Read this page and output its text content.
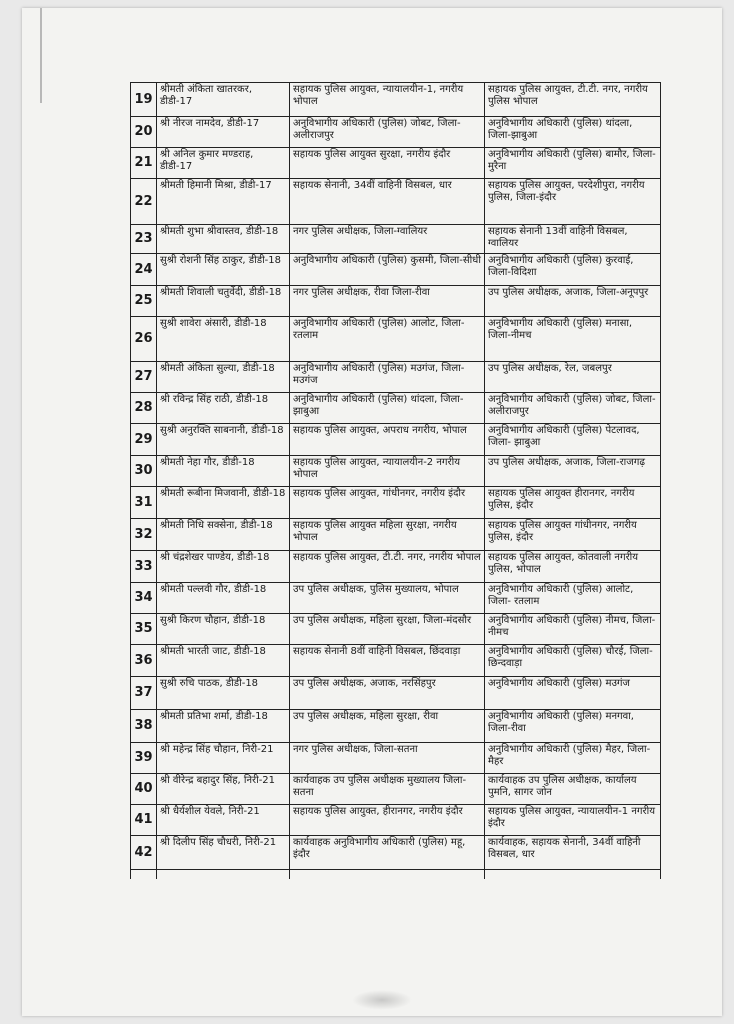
19	श्रीमती अंकिता खातरकर, डीडी-17	सहायक पुलिस आयुक्त, न्यायालयीन-1, नगरीय भोपाल	सहायक पुलिस आयुक्त, टी.टी. नगर, नगरीय पुलिस भोपाल
20	श्री नीरज नामदेव, डीडी-17	अनुविभागीय अधिकारी (पुलिस) जोबट, जिला-अलीराजपुर	अनुविभागीय अधिकारी (पुलिस) थांदला, जिला-झाबुआ
21	श्री अनिल कुमार मण्डराह, डीडी-17	सहायक पुलिस आयुक्त सुरक्षा, नगरीय इंदौर	अनुविभागीय अधिकारी (पुलिस) बामौर, जिला-मुरैना
22	श्रीमती हिमानी मिश्रा, डीडी-17	सहायक सेनानी, 34वीं वाहिनी विसबल, धार	सहायक पुलिस आयुक्त, परदेशीपुरा, नगरीय पुलिस, जिला-इंदौर
23	श्रीमती शुभा श्रीवास्तव, डीडी-18	नगर पुलिस अधीक्षक, जिला-ग्वालियर	सहायक सेनानी 13वीं वाहिनी विसबल, ग्वालियर
24	सुश्री रोशनी सिंह ठाकुर, डीडी-18	अनुविभागीय अधिकारी (पुलिस) कुसमी, जिला-सीधी	अनुविभागीय अधिकारी (पुलिस) कुरवाई, जिला-विदिशा
25	श्रीमती शिवाली चतुर्वेदी, डीडी-18	नगर पुलिस अधीक्षक, रीवा जिला-रीवा	उप पुलिस अधीक्षक, अजाक, जिला-अनूपपुर
26	सुश्री शावेरा अंसारी, डीडी-18	अनुविभागीय अधिकारी (पुलिस) आलोट, जिला- रतलाम	अनुविभागीय अधिकारी (पुलिस) मनासा, जिला-नीमच
27	श्रीमती अंकिता सुल्या, डीडी-18	अनुविभागीय अधिकारी (पुलिस) मउगंज, जिला-मउगंज	उप पुलिस अधीक्षक, रेल, जबलपुर
28	श्री रविन्द्र सिंह राठी, डीडी-18	अनुविभागीय अधिकारी (पुलिस) थांदला, जिला-झाबुआ	अनुविभागीय अधिकारी (पुलिस) जोबट, जिला-अलीराजपुर
29	सुश्री अनुरक्ति साबनानी, डीडी-18	सहायक पुलिस आयुक्त, अपराध नगरीय, भोपाल	अनुविभागीय अधिकारी (पुलिस) पेटलावद, जिला- झाबुआ
30	श्रीमती नेहा गौर, डीडी-18	सहायक पुलिस आयुक्त, न्यायालयीन-2 नगरीय भोपाल	उप पुलिस अधीक्षक, अजाक, जिला-राजगढ़
31	श्रीमती रूबीना मिजवानी, डीडी-18	सहायक पुलिस आयुक्त, गांधीनगर, नगरीय इंदौर	सहायक पुलिस आयुक्त हीरानगर, नगरीय पुलिस, इंदौर
32	श्रीमती निधि सक्सेना, डीडी-18	सहायक पुलिस आयुक्त महिला सुरक्षा, नगरीय भोपाल	सहायक पुलिस आयुक्त गांधीनगर, नगरीय पुलिस, इंदौर
33	श्री चंद्रशेखर पाण्डेय, डीडी-18	सहायक पुलिस आयुक्त, टी.टी. नगर, नगरीय भोपाल	सहायक पुलिस आयुक्त, कोतवाली नगरीय पुलिस, भोपाल
34	श्रीमती पल्लवी गौर, डीडी-18	उप पुलिस अधीक्षक, पुलिस मुख्यालय, भोपाल	अनुविभागीय अधिकारी (पुलिस) आलोट, जिला- रतलाम
35	सुश्री किरण चौहान, डीडी-18	उप पुलिस अधीक्षक, महिला सुरक्षा, जिला-मंदसौर	अनुविभागीय अधिकारी (पुलिस) नीमच, जिला-नीमच
36	श्रीमती भारती जाट, डीडी-18	सहायक सेनानी 8वीं वाहिनी विसबल, छिंदवाड़ा	अनुविभागीय अधिकारी (पुलिस) चौरई, जिला- छिन्दवाड़ा
37	सुश्री रुचि पाठक, डीडी-18	उप पुलिस अधीक्षक, अजाक, नरसिंहपुर	अनुविभागीय अधिकारी (पुलिस) मउगंज
38	श्रीमती प्रतिभा शर्मा, डीडी-18	उप पुलिस अधीक्षक, महिला सुरक्षा, रीवा	अनुविभागीय अधिकारी (पुलिस) मनगवा, जिला-रीवा
39	श्री महेन्द्र सिंह चौहान, निरी-21	नगर पुलिस अधीक्षक, जिला-सतना	अनुविभागीय अधिकारी (पुलिस) मैहर, जिला-मैहर
40	श्री वीरेन्द्र बहादुर सिंह, निरी-21	कार्यवाहक उप पुलिस अधीक्षक मुख्यालय जिला-सतना	कार्यवाहक उप पुलिस अधीक्षक, कार्यालय पुमनि, सागर जोन
41	श्री धैर्यशील येवले, निरी-21	सहायक पुलिस आयुक्त, हीरानगर, नगरीय इंदौर	सहायक पुलिस आयुक्त, न्यायालयीन-1 नगरीय इंदौर
42	श्री दिलीप सिंह चौधरी, निरी-21	कार्यवाहक अनुविभागीय अधिकारी (पुलिस) महू, इंदौर	कार्यवाहक, सहायक सेनानी, 34वीं वाहिनी विसबल, धार
